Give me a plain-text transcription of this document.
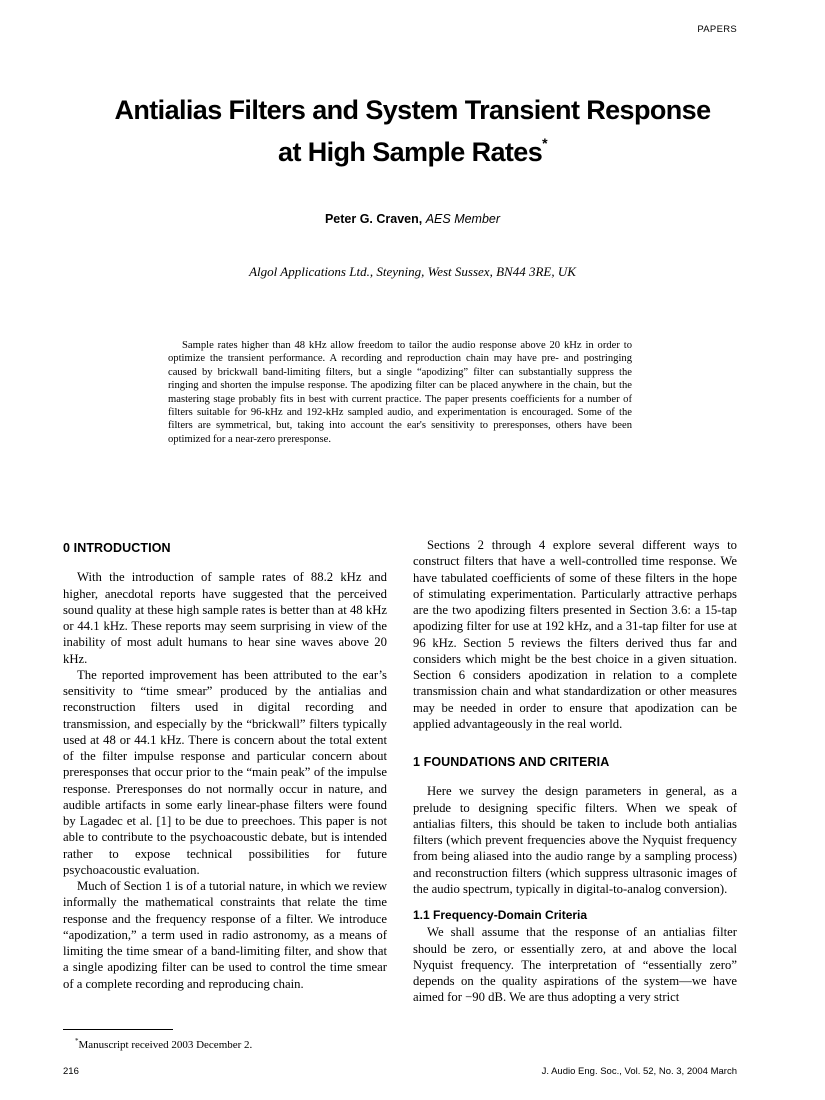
PAPERS
Antialias Filters and System Transient Response
at High Sample Rates*
Peter G. Craven, AES Member
Algol Applications Ltd., Steyning, West Sussex, BN44 3RE, UK

Sample rates higher than 48 kHz allow freedom to tailor the audio response above 20 kHz in order to optimize the transient performance. A recording and reproduction chain may have pre- and postringing caused by brickwall band-limiting filters, but a single “apodizing” filter can substantially suppress the ringing and shorten the impulse response. The apodizing filter can be placed anywhere in the chain, but the mastering stage probably fits in best with current practice. The paper presents coefficients for a number of filters suitable for 96-kHz and 192-kHz sampled audio, and experimentation is encouraged. Some of the filters are symmetrical, but, taking into account the ear's sensitivity to preresponses, others have been optimized for a near-zero preresponse.

0 INTRODUCTION

With the introduction of sample rates of 88.2 kHz and higher, anecdotal reports have suggested that the perceived sound quality at these high sample rates is better than at 48 kHz or 44.1 kHz. These reports may seem surprising in view of the inability of most adult humans to hear sine waves above 20 kHz.

The reported improvement has been attributed to the ear’s sensitivity to “time smear” produced by the antialias and reconstruction filters used in digital recording and transmission, and especially by the “brickwall” filters typically used at 48 or 44.1 kHz. There is concern about the total extent of the filter impulse response and particular concern about preresponses that occur prior to the “main peak” of the impulse response. Preresponses do not normally occur in nature, and audible artifacts in some early linear-phase filters were found by Lagadec et al. [1] to be due to preechoes. This paper is not able to contribute to the psychoacoustic debate, but is intended rather to expose technical possibilities for future psychoacoustic evaluation.

Much of Section 1 is of a tutorial nature, in which we review informally the mathematical constraints that relate the time response and the frequency response of a filter. We introduce “apodization,” a term used in radio astronomy, as a means of limiting the time smear of a band-limiting filter, and show that a single apodizing filter can be used to control the time smear of a complete recording and reproducing chain.

Sections 2 through 4 explore several different ways to construct filters that have a well-controlled time response. We have tabulated coefficients of some of these filters in the hope of stimulating experimentation. Particularly attractive perhaps are the two apodizing filters presented in Section 3.6: a 15-tap apodizing filter for use at 192 kHz, and a 31-tap filter for use at 96 kHz. Section 5 reviews the filters derived thus far and considers which might be the best choice in a given situation. Section 6 considers apodization in relation to a complete transmission chain and what standardization or other measures may be needed in order to ensure that apodization can be applied advantageously in the real world.

1 FOUNDATIONS AND CRITERIA

Here we survey the design parameters in general, as a prelude to designing specific filters. When we speak of antialias filters, this should be taken to include both antialias filters (which prevent frequencies above the Nyquist frequency from being aliased into the audio range by a sampling process) and reconstruction filters (which suppress ultrasonic images of the audio spectrum, typically in digital-to-analog conversion).

1.1 Frequency-Domain Criteria

We shall assume that the response of an antialias filter should be zero, or essentially zero, at and above the local Nyquist frequency. The interpretation of “essentially zero” depends on the quality aspirations of the system—we have aimed for −90 dB. We are thus adopting a very strict

*Manuscript received 2003 December 2.
216	J. Audio Eng. Soc., Vol. 52, No. 3, 2004 March
